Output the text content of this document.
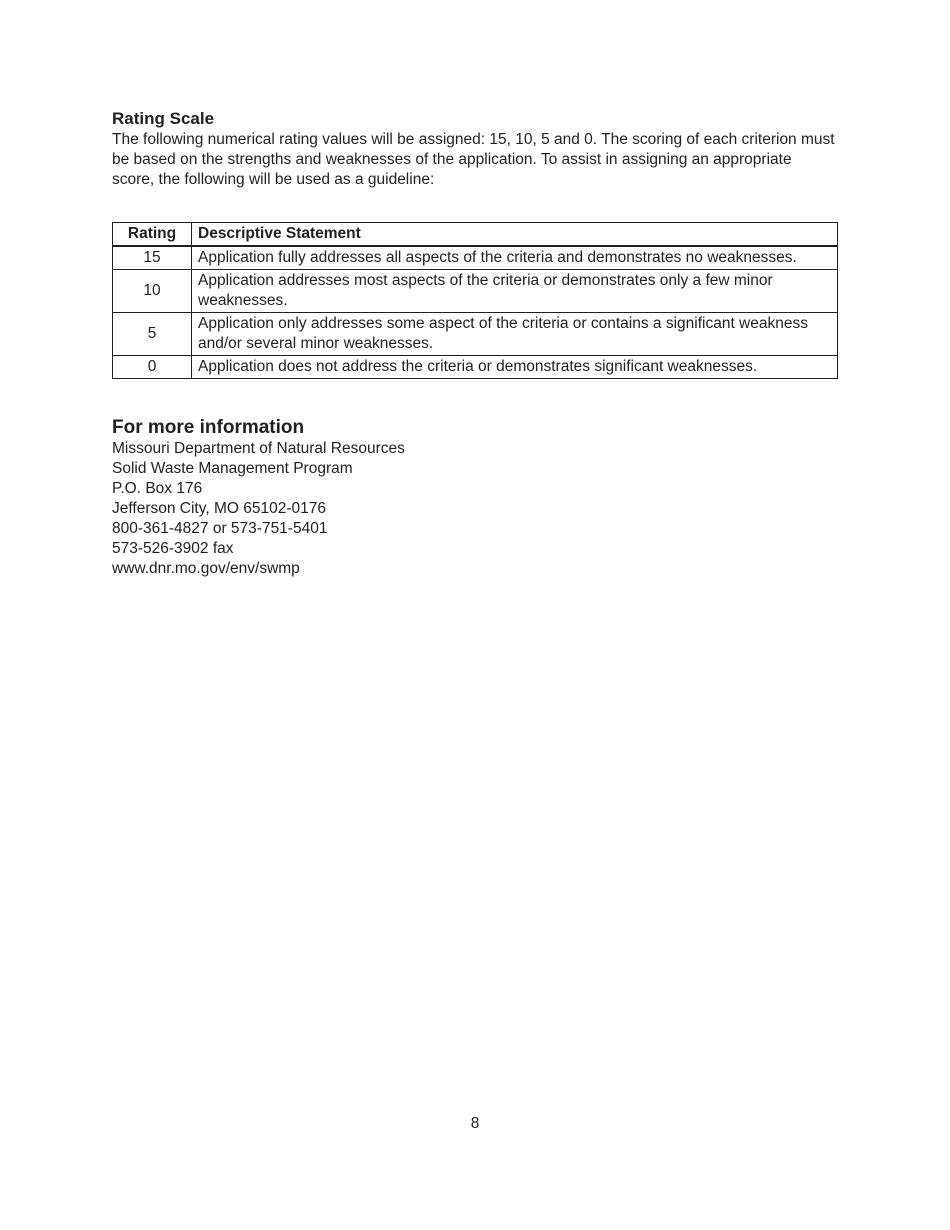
Rating Scale

The following numerical rating values will be assigned: 15, 10, 5 and 0. The scoring of each criterion must be based on the strengths and weaknesses of the application. To assist in assigning an appropriate score, the following will be used as a guideline:

Rating	Descriptive Statement
15	Application fully addresses all aspects of the criteria and demonstrates no weaknesses.
10	Application addresses most aspects of the criteria or demonstrates only a few minor weaknesses.
5	Application only addresses some aspect of the criteria or contains a significant weakness and/or several minor weaknesses.
0	Application does not address the criteria or demonstrates significant weaknesses.
For more information
Missouri Department of Natural Resources
Solid Waste Management Program
P.O. Box 176
Jefferson City, MO 65102-0176
800-361-4827 or 573-751-5401
573-526-3902 fax
www.dnr.mo.gov/env/swmp
8
